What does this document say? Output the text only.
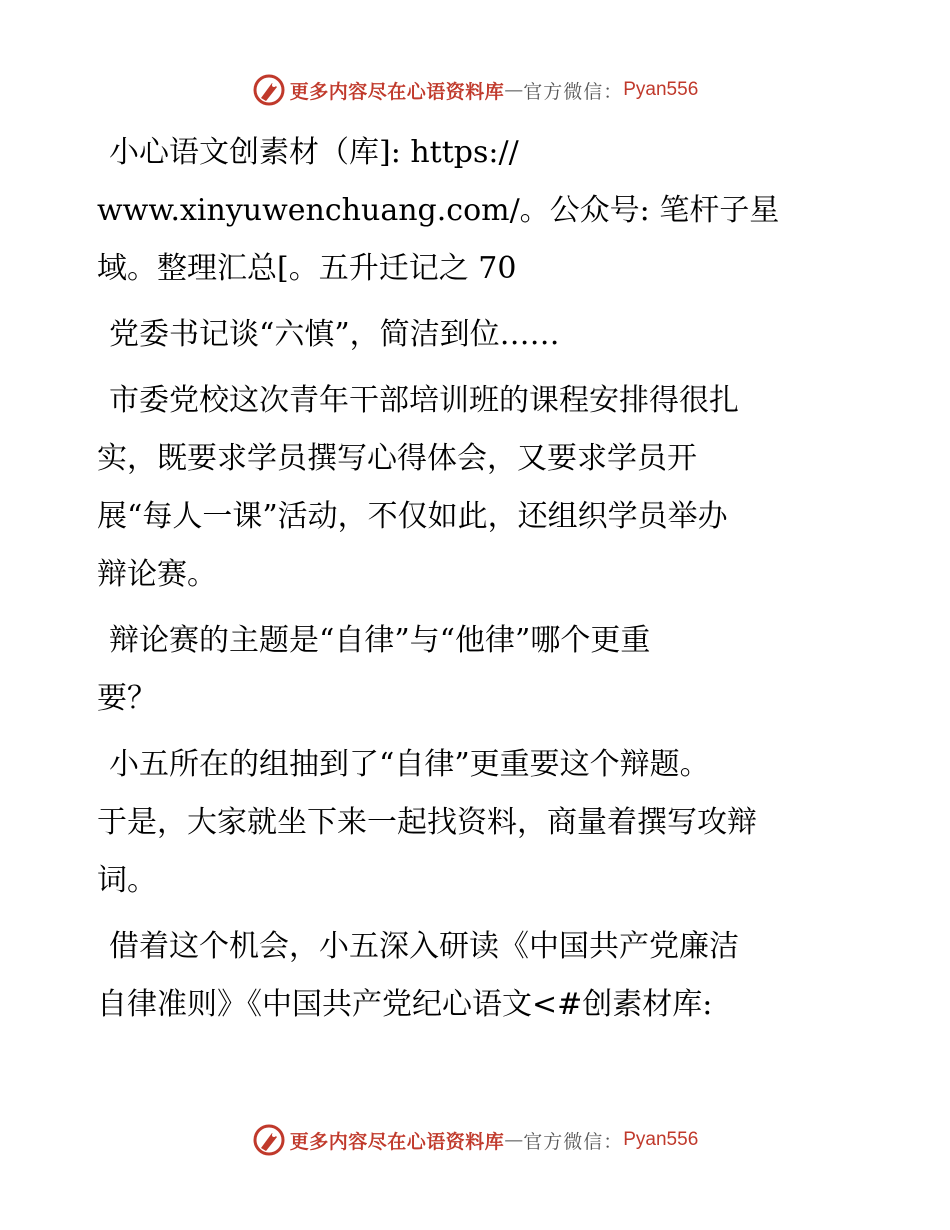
更多内容尽在心语资料库 — 官方微信： Pyan556

小心语文创素材（库]: https://
www.xinyuwenchuang.com/。公众号: 笔杆子星
域。整理汇总[。五升迁记之 70

党委书记谈“六慎”，简洁到位……

市委党校这次青年干部培训班的课程安排得很扎
实，既要求学员撰写心得体会，又要求学员开
展“每人一课”活动，不仅如此，还组织学员举办
辩论赛。

辩论赛的主题是“自律”与“他律”哪个更重
要？

小五所在的组抽到了“自律”更重要这个辩题。
于是，大家就坐下来一起找资料，商量着撰写攻辩
词。

借着这个机会，小五深入研读《中国共产党廉洁
自律准则》《中国共产党纪心语文<#创素材库:

更多内容尽在心语资料库 — 官方微信： Pyan556
